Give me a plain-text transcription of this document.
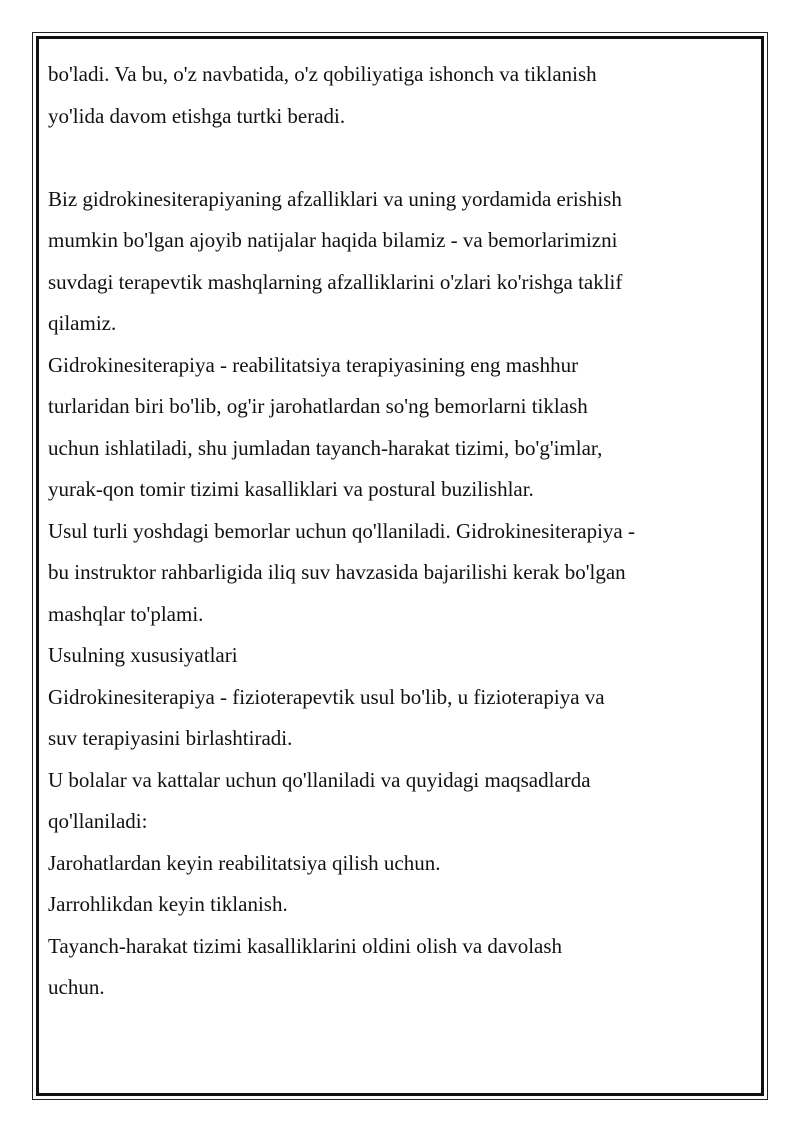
bo'ladi. Va bu, o'z navbatida, o'z qobiliyatiga ishonch va tiklanish
yo'lida davom etishga turtki beradi.
Biz gidrokinesiterapiyaning afzalliklari va uning yordamida erishish
mumkin bo'lgan ajoyib natijalar haqida bilamiz - va bemorlarimizni
suvdagi terapevtik mashqlarning afzalliklarini o'zlari ko'rishga taklif
qilamiz.
Gidrokinesiterapiya - reabilitatsiya terapiyasining eng mashhur
turlaridan biri bo'lib, og'ir jarohatlardan so'ng bemorlarni tiklash
uchun ishlatiladi, shu jumladan tayanch-harakat tizimi, bo'g'imlar,
yurak-qon tomir tizimi kasalliklari va postural buzilishlar.
Usul turli yoshdagi bemorlar uchun qo'llaniladi. Gidrokinesiterapiya -
bu instruktor rahbarligida iliq suv havzasida bajarilishi kerak bo'lgan
mashqlar to'plami.
Usulning xususiyatlari
Gidrokinesiterapiya - fizioterapevtik usul bo'lib, u fizioterapiya va
suv terapiyasini birlashtiradi.
U bolalar va kattalar uchun qo'llaniladi va quyidagi maqsadlarda
qo'llaniladi:
Jarohatlardan keyin reabilitatsiya qilish uchun.
Jarrohlikdan keyin tiklanish.
Tayanch-harakat tizimi kasalliklarini oldini olish va davolash
uchun.
